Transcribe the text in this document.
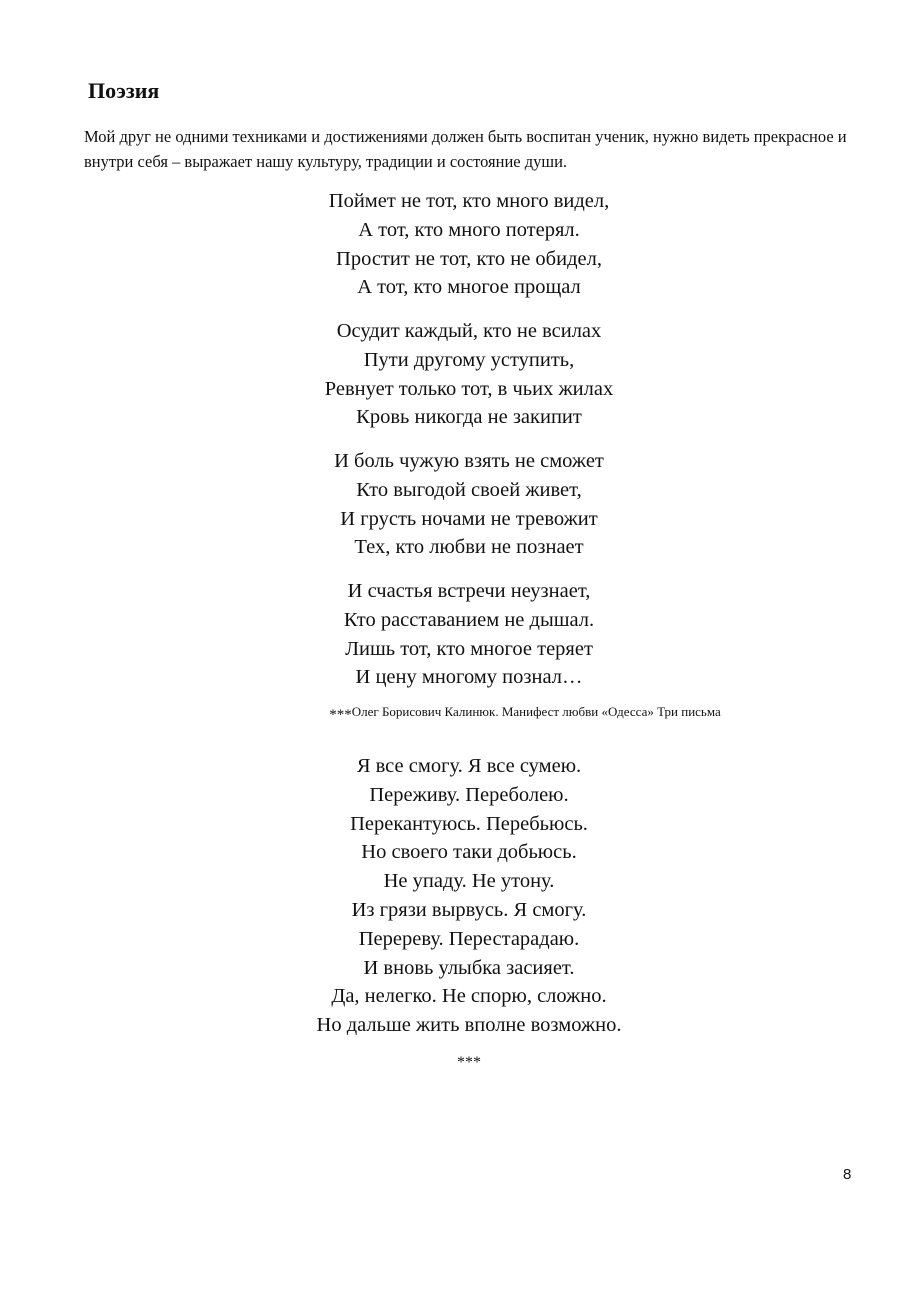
Поэзия

Мой друг не одними техниками и достижениями должен быть воспитан ученик, нужно видеть прекрасное и внутри себя – выражает нашу культуру, традиции и состояние души.

Поймет не тот, кто много видел,
А тот, кто много потерял.
Простит не тот, кто не обидел,
А тот, кто многое прощал
Осудит каждый, кто не всилах
Пути другому уступить,
Ревнует только тот, в чьих жилах
Кровь никогда не закипит
И боль чужую взять не сможет
Кто выгодой своей живет,
И грусть ночами не тревожит
Тех, кто любви не познает
И счастья встречи неузнает,
Кто расставанием не дышал.
Лишь тот, кто многое теряет
И цену многому познал…
***Олег Борисович Калинюк. Манифест любви «Одесса» Три письма
Я все смогу. Я все сумею.
Переживу. Переболею.
Перекантуюсь. Перебьюсь.
Но своего таки добьюсь.
Не упаду. Не утону.
Из грязи вырвусь. Я смогу.
Перереву. Перестарадаю.
И вновь улыбка засияет.
Да, нелегко. Не спорю, сложно.
Но дальше жить вполне возможно.
***
8
